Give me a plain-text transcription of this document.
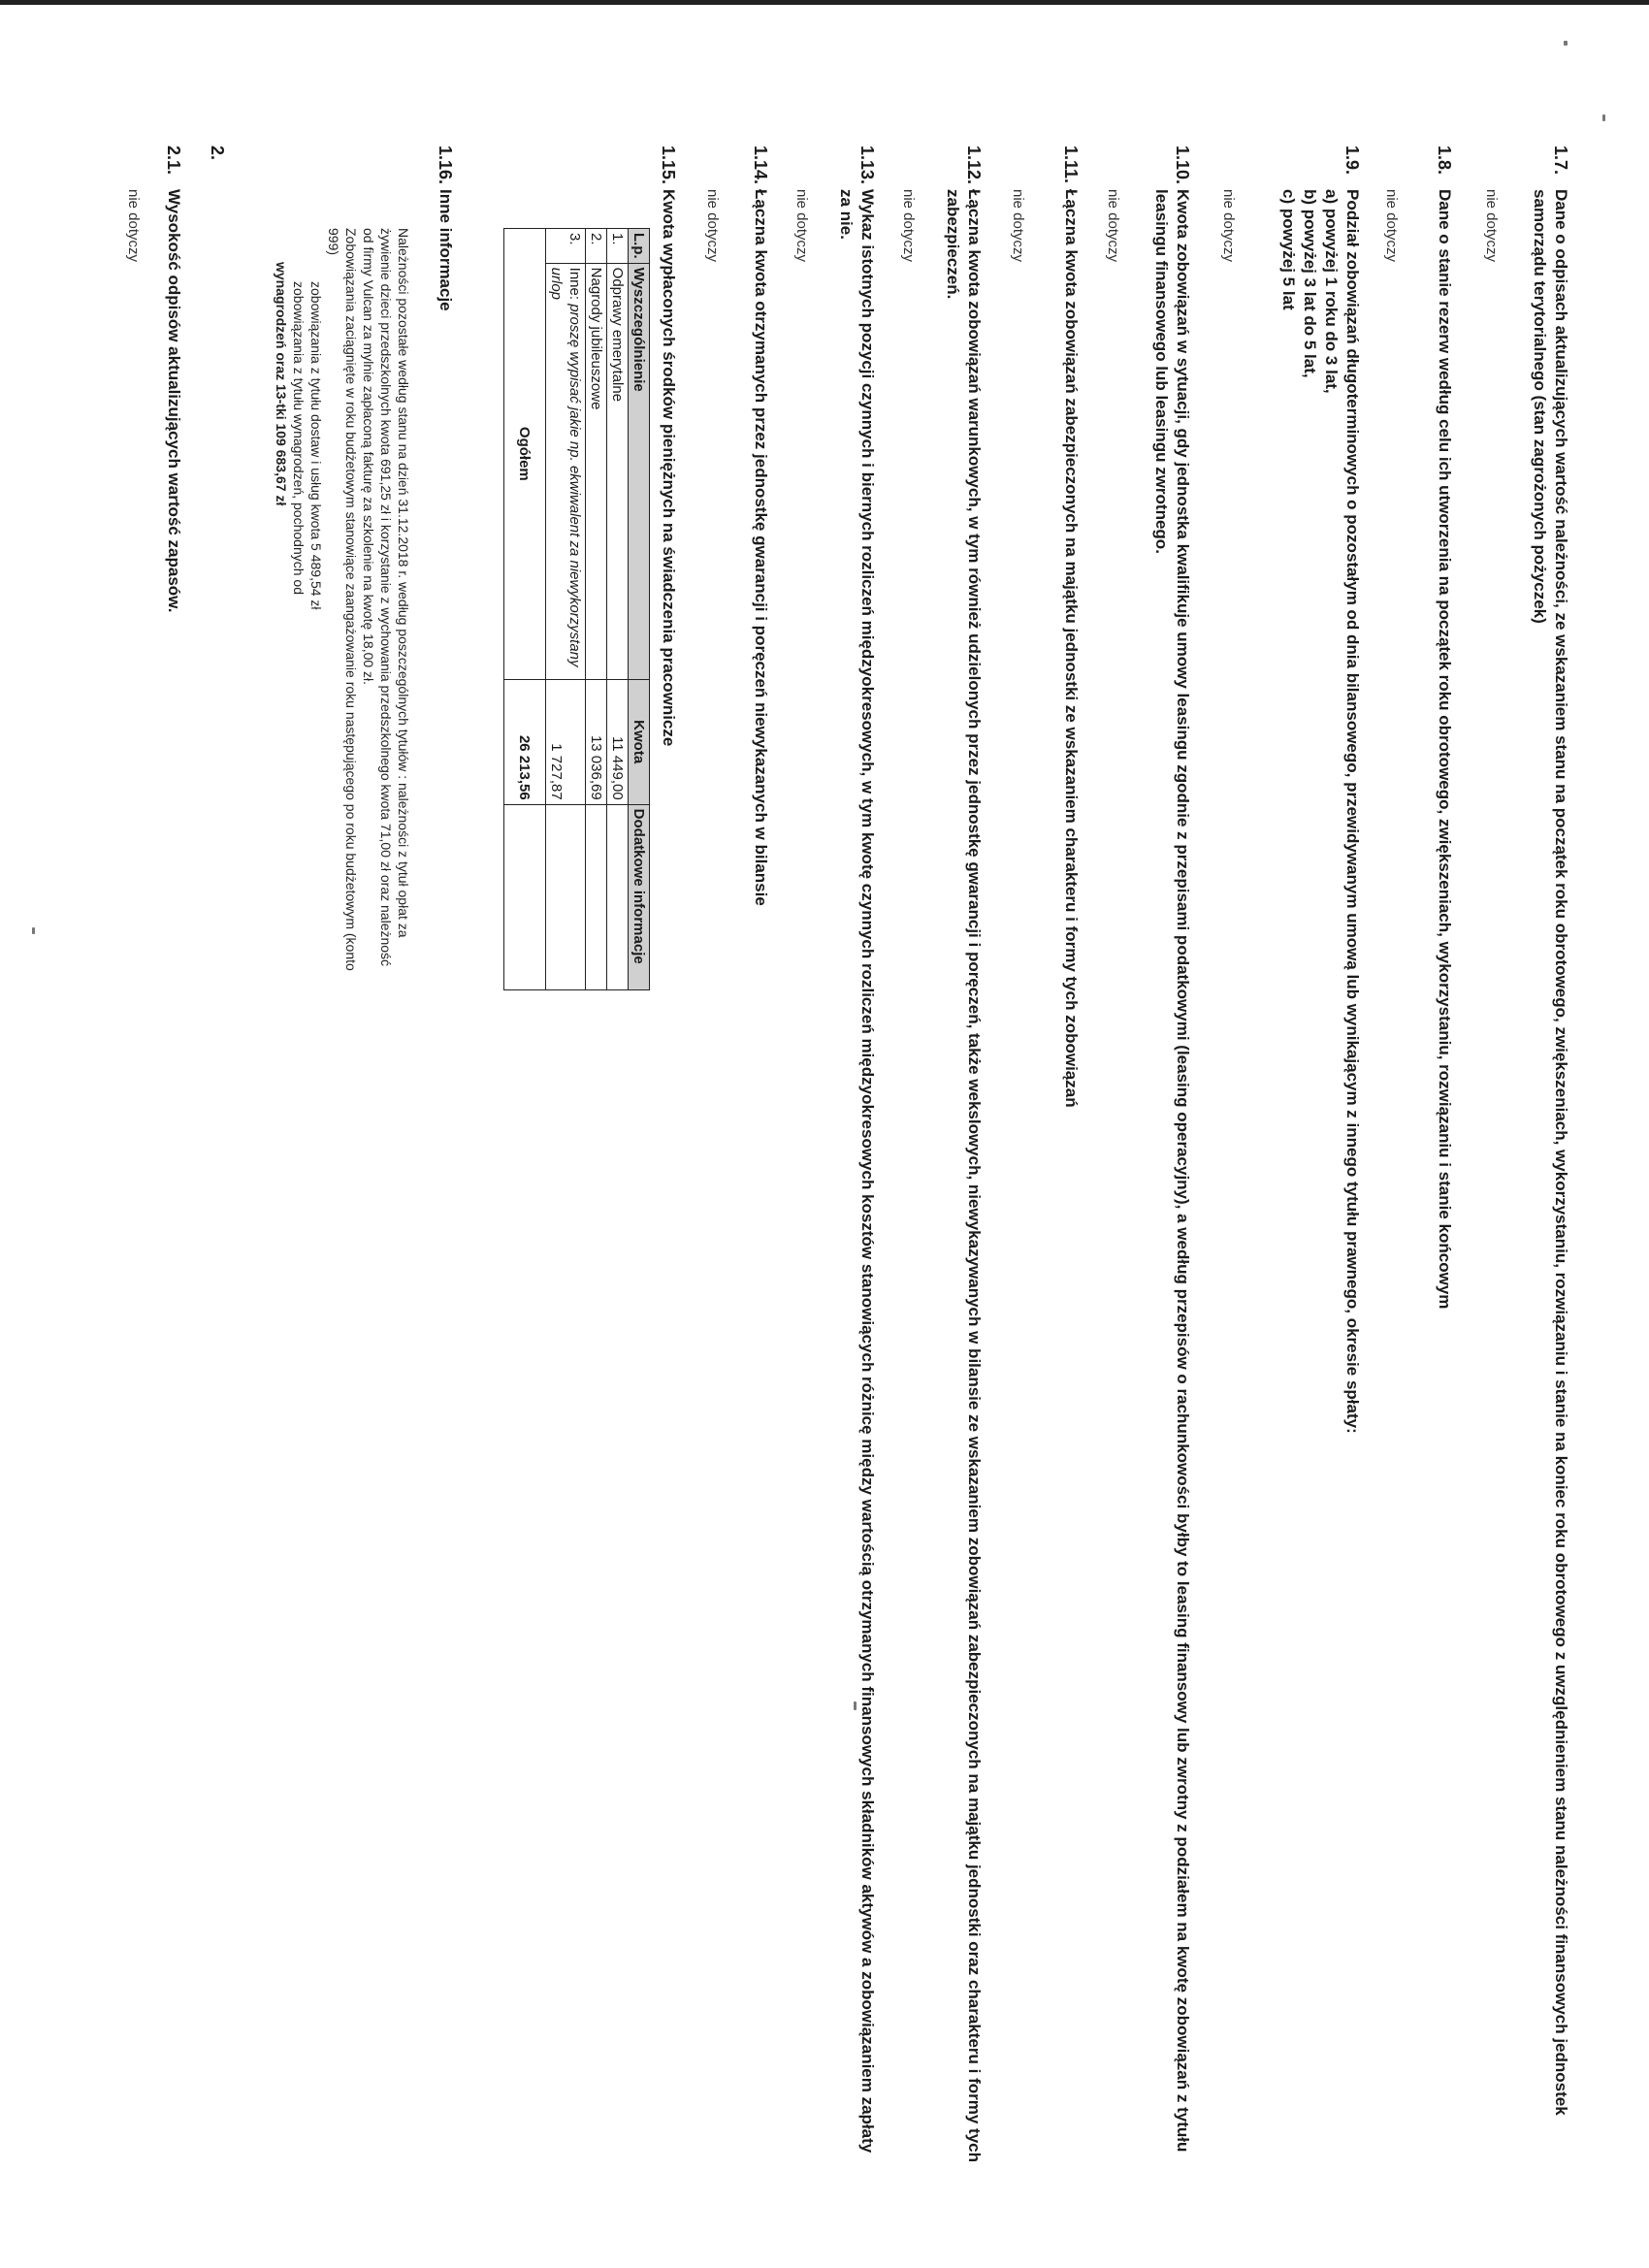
1.7.
Dane o odpisach aktualizujących wartość należności, ze wskazaniem stanu na początek roku obrotowego, zwiększeniach, wykorzystaniu, rozwiązaniu i stanie na koniec roku obrotowego z uwzględnieniem stanu należności finansowych jednostek samorządu terytorialnego (stan zagrożonych pożyczek)
nie dotyczy
1.8.
Dane o stanie rezerw według celu ich utworzenia na początek roku obrotowego, zwiększeniach, wykorzystaniu, rozwiązaniu i stanie końcowym
nie dotyczy
1.9.
Podział zobowiązań długoterminowych o pozostałym od dnia bilansowego, przewidywanym umową lub wynikającym z innego tytułu prawnego, okresie spłaty:
a) powyżej 1 roku do 3 lat,
b) powyżej 3 lat do 5 lat,
c) powyżej 5 lat
nie dotyczy
1.10.
Kwota zobowiązań w sytuacji, gdy jednostka kwalifikuje umowy leasingu zgodnie z przepisami podatkowymi (leasing operacyjny), a według przepisów o rachunkowości byłby to leasing finansowy lub zwrotny z podziałem na kwotę zobowiązań z tytułu leasingu finansowego lub leasingu zwrotnego.
nie dotyczy
1.11.
Łączna kwota zobowiązań zabezpieczonych na majątku jednostki ze wskazaniem charakteru i formy tych zobowiązań
nie dotyczy
1.12.
Łączna kwota zobowiązań warunkowych, w tym również udzielonych przez jednostkę gwarancji i poręczeń, także wekslowych, niewykazywanych w bilansie ze wskazaniem zobowiązań zabezpieczonych na majątku jednostki oraz charakteru i formy tych zabezpieczeń.
nie dotyczy
1.13.
Wykaz istotnych pozycji czynnych i biernych rozliczeń międzyokresowych, w tym kwotę czynnych rozliczeń międzyokresowych kosztów stanowiących różnicę między wartością otrzymanych finansowych składników aktywów a zobowiązaniem zapłaty za nie.
nie dotyczy
1.14.
Łączna kwota otrzymanych przez jednostkę gwarancji i poręczeń niewykazanych w bilansie
nie dotyczy
1.15.
Kwota wypłaconych środków pieniężnych na świadczenia pracownicze
L.p.	Wyszczególnienie	Kwota	Dodatkowe informacje
1.	Odprawy emerytalne	11 449,00	
2.	Nagrody jubileuszowe	13 036,69	
3.	Inne: proszę wypisać jakie np. ekwiwalent za niewykorzystany urlop	1 727,87	
Ogółem		26 213,56	
1.16.
Inne informacje

Należności pozostałe według stanu na dzień 31.12.2018 r. według poszczególnych tytułów : należności z tytuł opłat za żywienie dzieci przedszkolnych kwota 691,25 zł i korzystanie z wychowania przedszkolnego kwota 71,00 zł oraz należność od firmy Vulcan za mylnie zapłaconą fakturę za szkolenie na kwotę 18,00 zł.

Zobowiązania zaciągnięte w roku budżetowym stanowiące zaangażowanie roku następującego po roku budżetowym (konto 999)

zobowiązania z tytułu dostaw i usług kwota 5 489,54 zł

zobowiązania z tytułu wynagrodzeń, pochodnych od

wynagrodzeń oraz 13-tki 109 683,67 zł

2.
2.1.
Wysokość odpisów aktualizujących wartość zapasów.
nie dotyczy
